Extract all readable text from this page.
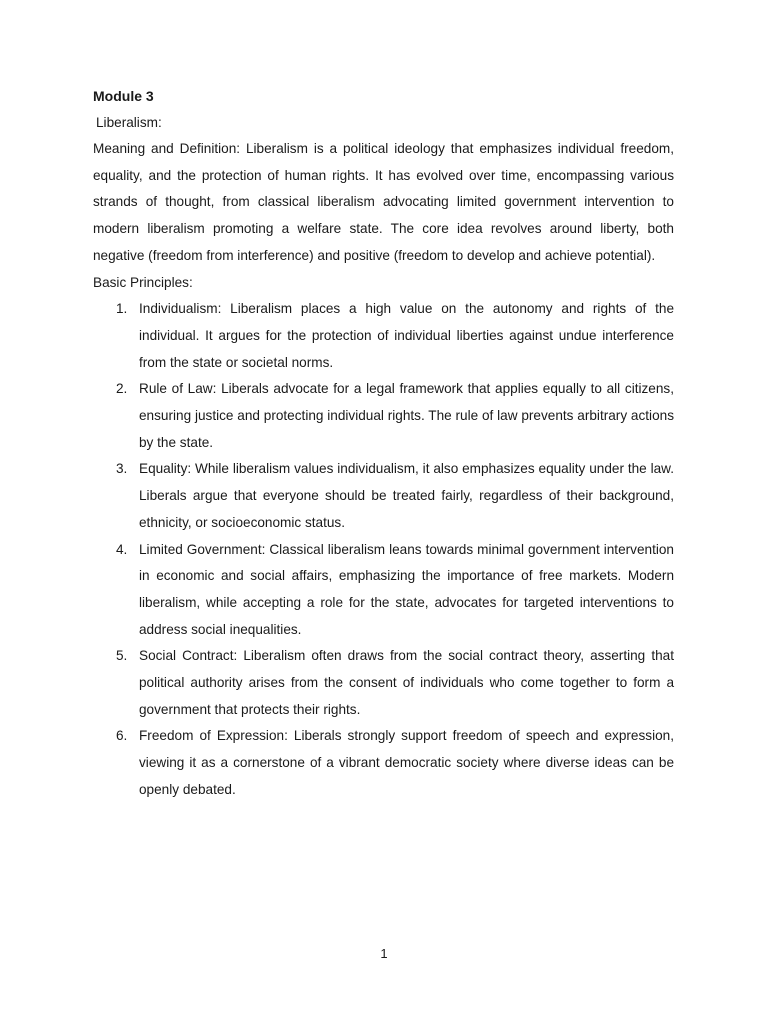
Module 3

Liberalism:

Meaning and Definition: Liberalism is a political ideology that emphasizes individual freedom, equality, and the protection of human rights. It has evolved over time, encompassing various strands of thought, from classical liberalism advocating limited government intervention to modern liberalism promoting a welfare state. The core idea revolves around liberty, both negative (freedom from interference) and positive (freedom to develop and achieve potential).

Basic Principles:

1. Individualism: Liberalism places a high value on the autonomy and rights of the individual. It argues for the protection of individual liberties against undue interference from the state or societal norms.
2. Rule of Law: Liberals advocate for a legal framework that applies equally to all citizens, ensuring justice and protecting individual rights. The rule of law prevents arbitrary actions by the state.
3. Equality: While liberalism values individualism, it also emphasizes equality under the law. Liberals argue that everyone should be treated fairly, regardless of their background, ethnicity, or socioeconomic status.
4. Limited Government: Classical liberalism leans towards minimal government intervention in economic and social affairs, emphasizing the importance of free markets. Modern liberalism, while accepting a role for the state, advocates for targeted interventions to address social inequalities.
5. Social Contract: Liberalism often draws from the social contract theory, asserting that political authority arises from the consent of individuals who come together to form a government that protects their rights.
6. Freedom of Expression: Liberals strongly support freedom of speech and expression, viewing it as a cornerstone of a vibrant democratic society where diverse ideas can be openly debated.
1
